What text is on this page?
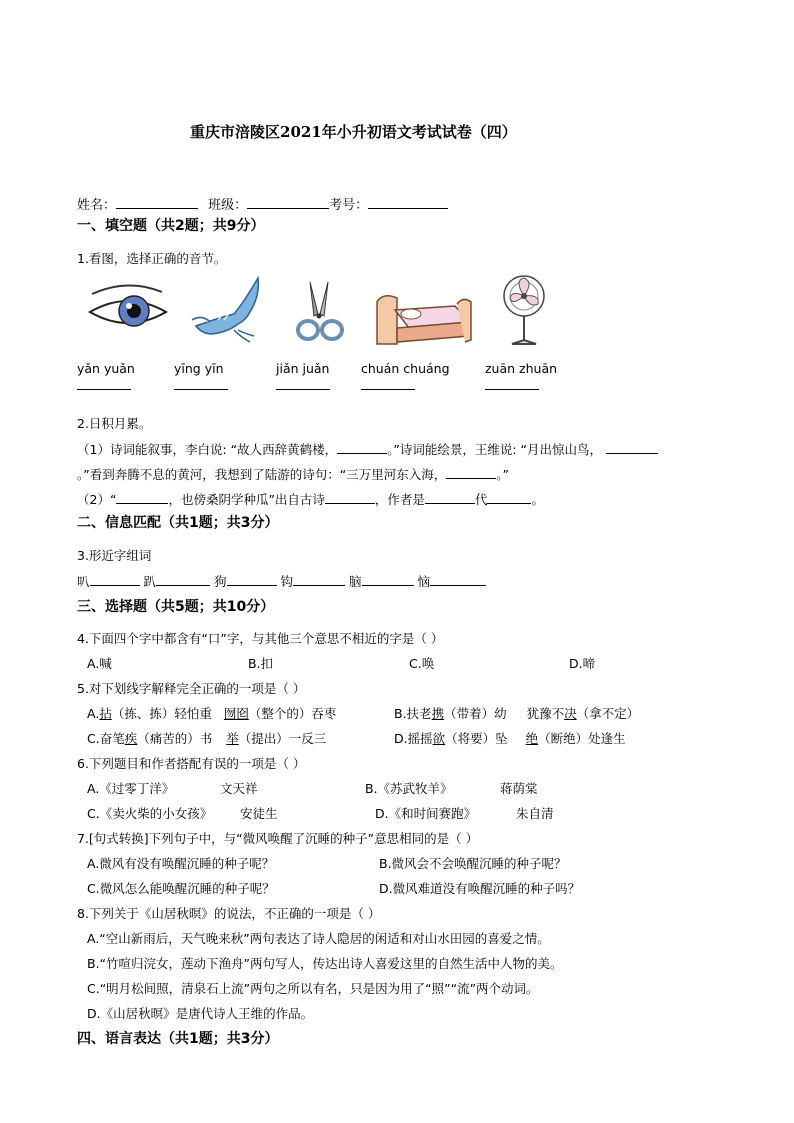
重庆市涪陵区2021年小升初语文考试试卷（四）
姓名：	班级：	考号：
一、填空题（共2题；共9分）
1.看图，选择正确的音节。
yǎn yuǎn	yīng yīn	jiǎn juǎn	chuán chuáng	zuān zhuān
2.日积月累。
（1）诗词能叙事，李白说: “故人西辞黄鹤楼，	。”诗词能绘景，王维说: “月出惊山鸟，
。”看到奔腾不息的黄河，我想到了陆游的诗句：“三万里河东入海，	。”
（2）“	，也傍桑阴学种瓜”出自古诗	，作者是	代	。
二、信息匹配（共1题；共3分）
3.形近字组词
叭	趴	狗	钩	脑	恼
三、选择题（共5题；共10分）
4.下面四个字中都含有“口”字，与其他三个意思不相近的字是（ ）
A.喊	B.扣	C.唤	D.啼
5.对下划线字解释完全正确的一项是（ ）
A.拈（拣、拣）轻怕重 囫囵（整个的）吞枣	B.扶老携（带着）幼 犹豫不决（拿不定）
C.奋笔疾（痛苦的）书 举（提出）一反三	D.摇摇欲（将要）坠 绝（断绝）处逢生
6.下列题目和作者搭配有误的一项是（ ）
A.《过零丁洋》	文天祥	B.《苏武牧羊》	蒋荫棠
C.《卖火柴的小女孩》 安徒生	D.《和时间赛跑》	朱自清
7.[句式转换]下列句子中，与“微风唤醒了沉睡的种子”意思相同的是（ ）
A.微风有没有唤醒沉睡的种子呢？	B.微风会不会唤醒沉睡的种子呢？
C.微风怎么能唤醒沉睡的种子呢？	D.微风难道没有唤醒沉睡的种子吗？
8.下列关于《山居秋暝》的说法，不正确的一项是（ ）
A.“空山新雨后，天气晚来秋”两句表达了诗人隐居的闲适和对山水田园的喜爱之情。
B.“竹喧归浣女，莲动下渔舟”两句写人，传达出诗人喜爱这里的自然生活中人物的美。
C.“明月松间照，清泉石上流”两句之所以有名，只是因为用了“照”“流”两个动词。
D.《山居秋暝》是唐代诗人王维的作品。
四、语言表达（共1题；共3分）
